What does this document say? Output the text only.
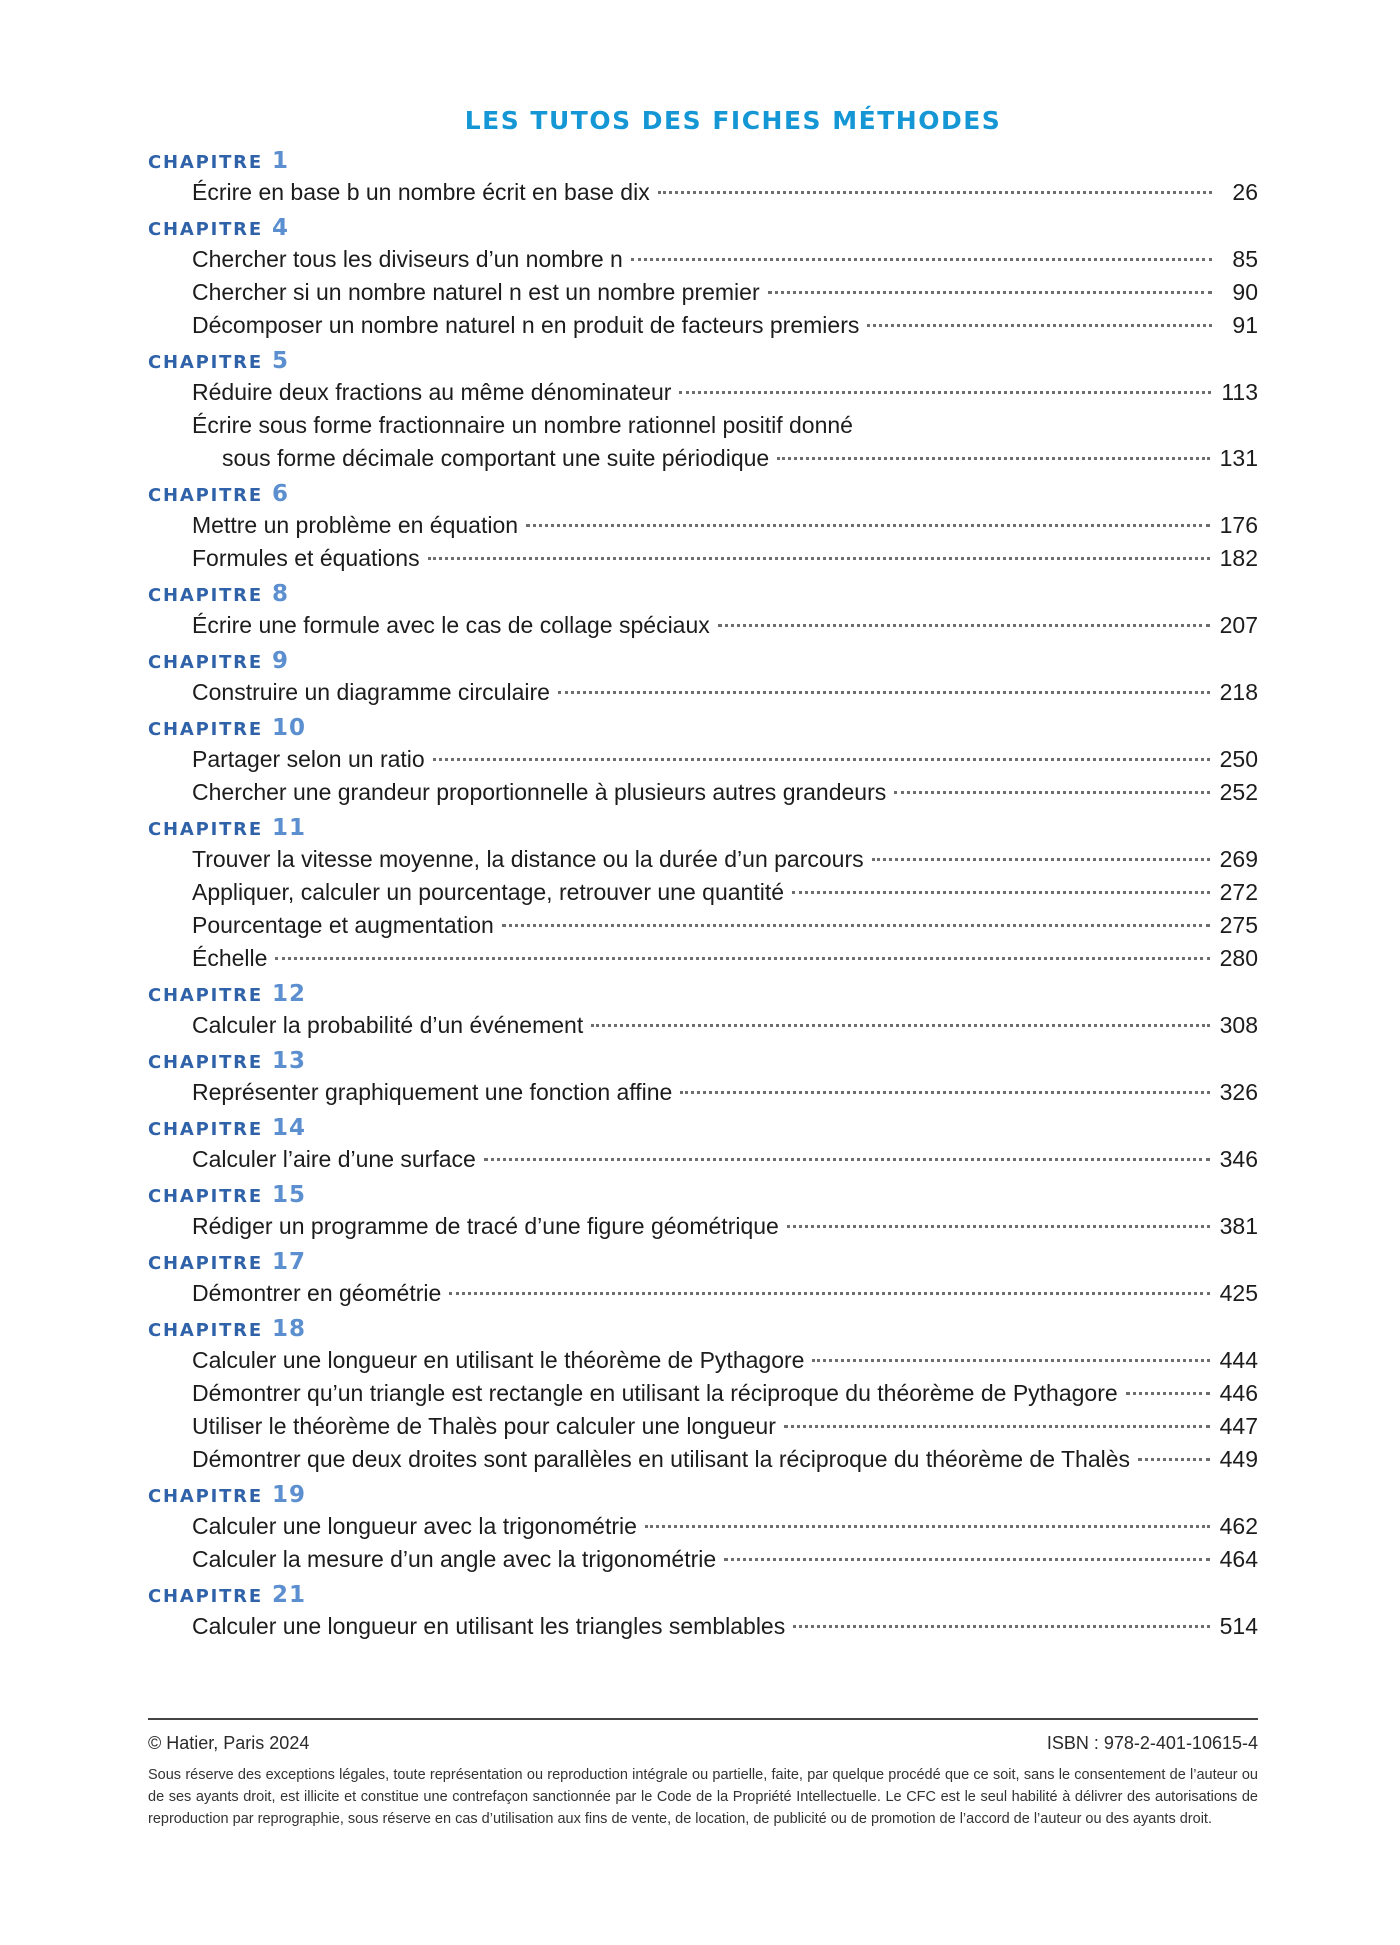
LES TUTOS DES FICHES MÉTHODES
CHAPITRE 1
Écrire en base b un nombre écrit en base dix	26
CHAPITRE 4
Chercher tous les diviseurs d’un nombre n	85
Chercher si un nombre naturel n est un nombre premier	90
Décomposer un nombre naturel n en produit de facteurs premiers	91
CHAPITRE 5
Réduire deux fractions au même dénominateur	113
Écrire sous forme fractionnaire un nombre rationnel positif donné
sous forme décimale comportant une suite périodique	131
CHAPITRE 6
Mettre un problème en équation	176
Formules et équations	182
CHAPITRE 8
Écrire une formule avec le cas de collage spéciaux	207
CHAPITRE 9
Construire un diagramme circulaire	218
CHAPITRE 10
Partager selon un ratio	250
Chercher une grandeur proportionnelle à plusieurs autres grandeurs	252
CHAPITRE 11
Trouver la vitesse moyenne, la distance ou la durée d’un parcours	269
Appliquer, calculer un pourcentage, retrouver une quantité	272
Pourcentage et augmentation	275
Échelle	280
CHAPITRE 12
Calculer la probabilité d’un événement	308
CHAPITRE 13
Représenter graphiquement une fonction affine	326
CHAPITRE 14
Calculer l’aire d’une surface	346
CHAPITRE 15
Rédiger un programme de tracé d’une figure géométrique	381
CHAPITRE 17
Démontrer en géométrie	425
CHAPITRE 18
Calculer une longueur en utilisant le théorème de Pythagore	444
Démontrer qu’un triangle est rectangle en utilisant la réciproque du théorème de Pythagore	446
Utiliser le théorème de Thalès pour calculer une longueur	447
Démontrer que deux droites sont parallèles en utilisant la réciproque du théorème de Thalès	449
CHAPITRE 19
Calculer une longueur avec la trigonométrie	462
Calculer la mesure d’un angle avec la trigonométrie	464
CHAPITRE 21
Calculer une longueur en utilisant les triangles semblables	514
© Hatier, Paris 2024	ISBN : 978-2-401-10615-4
Sous réserve des exceptions légales, toute représentation ou reproduction intégrale ou partielle, faite, par quelque procédé que ce soit, sans le consentement de l’auteur ou de ses ayants droit, est illicite et constitue une contrefaçon sanctionnée par le Code de la Propriété Intellectuelle. Le CFC est le seul habilité à délivrer des autorisations de reproduction par reprographie, sous réserve en cas d’utilisation aux fins de vente, de location, de publicité ou de promotion de l’accord de l’auteur ou des ayants droit.
